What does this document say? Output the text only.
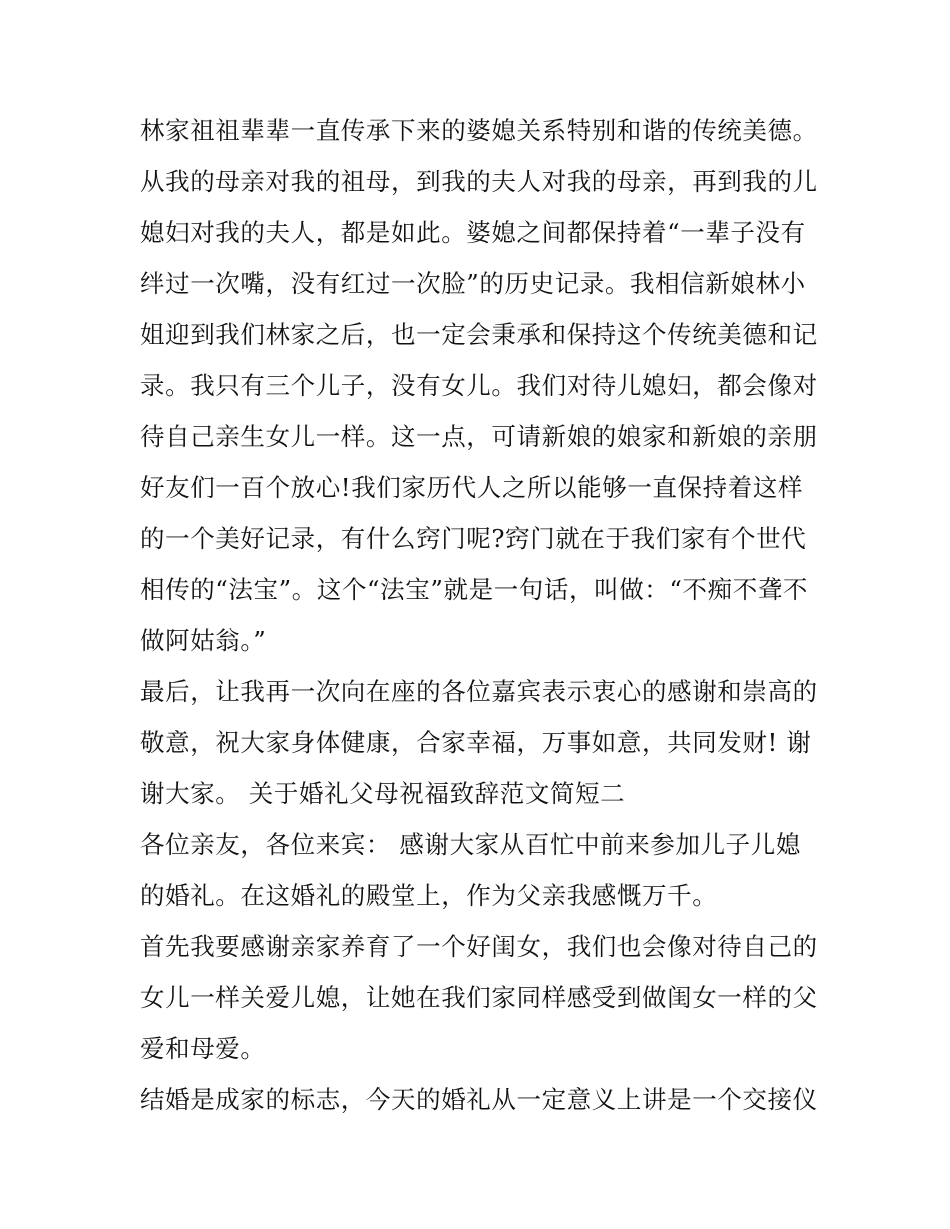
林家祖祖辈辈一直传承下来的婆媳关系特别和谐的传统美德。
从我的母亲对我的祖母，到我的夫人对我的母亲，再到我的儿
媳妇对我的夫人，都是如此。婆媳之间都保持着“一辈子没有
绊过一次嘴，没有红过一次脸”的历史记录。我相信新娘林小
姐迎到我们林家之后，也一定会秉承和保持这个传统美德和记
录。我只有三个儿子，没有女儿。我们对待儿媳妇，都会像对
待自己亲生女儿一样。这一点，可请新娘的娘家和新娘的亲朋
好友们一百个放心!我们家历代人之所以能够一直保持着这样
的一个美好记录，有什么窍门呢?窍门就在于我们家有个世代
相传的“法宝”。这个“法宝”就是一句话，叫做：“不痴不聋不
做阿姑翁。”
最后，让我再一次向在座的各位嘉宾表示衷心的感谢和崇高的
敬意，祝大家身体健康，合家幸福，万事如意，共同发财! 谢
谢大家。 关于婚礼父母祝福致辞范文简短二
各位亲友，各位来宾： 感谢大家从百忙中前来参加儿子儿媳
的婚礼。在这婚礼的殿堂上，作为父亲我感慨万千。
首先我要感谢亲家养育了一个好闺女，我们也会像对待自己的
女儿一样关爱儿媳，让她在我们家同样感受到做闺女一样的父
爱和母爱。
结婚是成家的标志，今天的婚礼从一定意义上讲是一个交接仪
